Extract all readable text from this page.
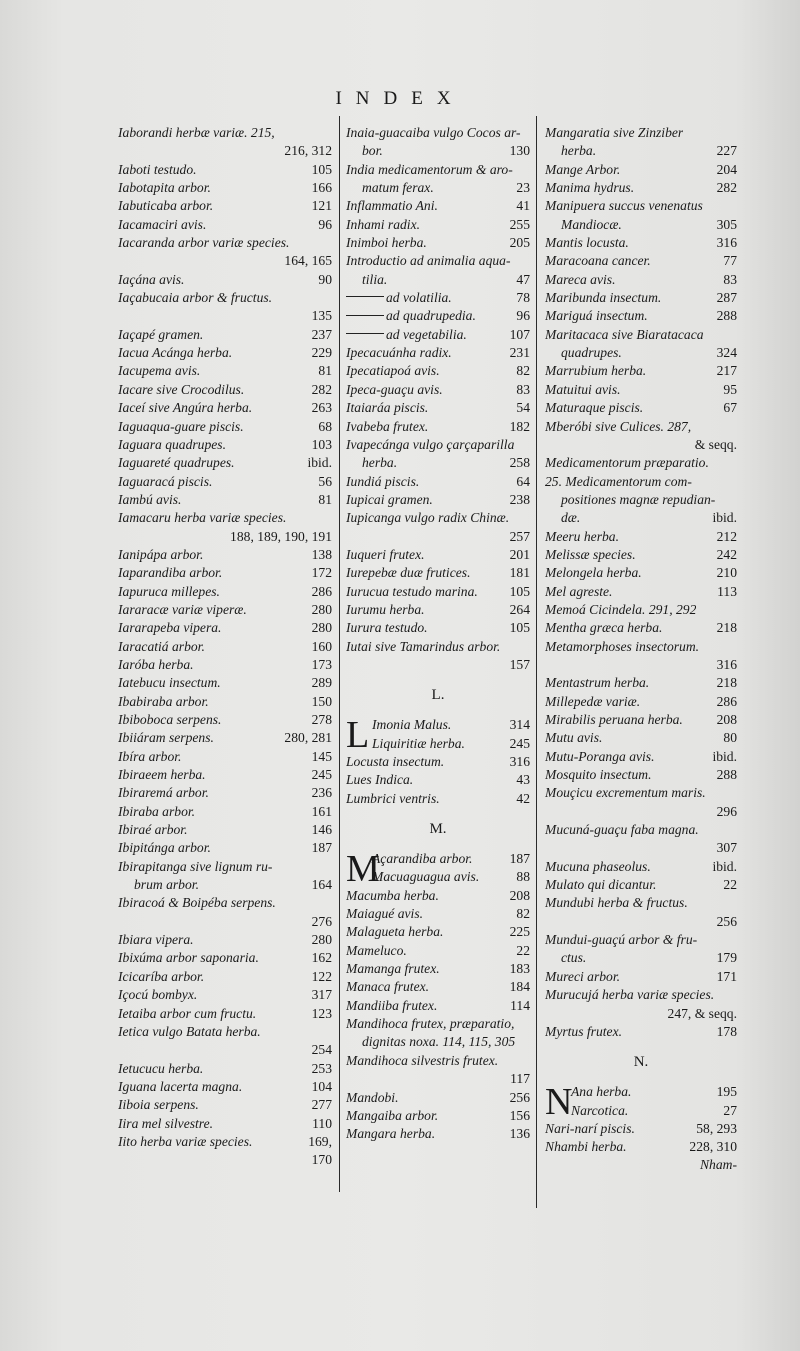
INDEX
Iaborandi herbæ variæ. 215,
216, 312
Iaboti testudo.	105
Iabotapita arbor.	166
Iabuticaba arbor.	121
Iacamaciri avis.	96
Iacaranda arbor variæ species.
164, 165
Iaçána avis.	90
Iaçabucaia arbor & fructus.
135
Iaçapé gramen.	237
Iacua Acánga herba.	229
Iacupema avis.	81
Iacare sive Crocodilus.	282
Iaceí sive Angúra herba.	263
Iaguaqua-guare piscis.	68
Iaguara quadrupes.	103
Iaguareté quadrupes.	ibid.
Iaguaracá piscis.	56
Iambú avis.	81
Iamacaru herba variæ species.
188, 189, 190, 191
Ianipápa arbor.	138
Iaparandiba arbor.	172
Iapuruca millepes.	286
Iararacæ variæ viperæ.	280
Iararapeba vipera.	280
Iaracatiá arbor.	160
Iaróba herba.	173
Iatebucu insectum.	289
Ibabiraba arbor.	150
Ibiboboca serpens.	278
Ibiiáram serpens.	280, 281
Ibíra arbor.	145
Ibiraeem herba.	245
Ibiraremá arbor.	236
Ibiraba arbor.	161
Ibiraé arbor.	146
Ibipitánga arbor.	187
Ibirapitanga sive lignum ru-
brum arbor.	164
Ibiracoá & Boipéba serpens.
276
Ibiara vipera.	280
Ibixúma arbor saponaria.	162
Icicaríba arbor.	122
Içocú bombyx.	317
Ietaiba arbor cum fructu.	123
Ietica vulgo Batata herba.
254
Ietucucu herba.	253
Iguana lacerta magna.	104
Iiboia serpens.	277
Iira mel silvestre.	110
Iito herba variæ species.	169,
170
Inaia-guacaiba vulgo Cocos ar-
bor.	130
India medicamentorum & aro-
matum ferax.	23
Inflammatio Ani.	41
Inhami radix.	255
Inimboi herba.	205
Introductio ad animalia aqua-
tilia.	47
ad volatilia.	78
ad quadrupedia.	96
ad vegetabilia.	107
Ipecacuánha radix.	231
Ipecatiapoá avis.	82
Ipeca-guaçu avis.	83
Itaiaráa piscis.	54
Ivabeba frutex.	182
Ivapecánga vulgo çarçaparilla
herba.	258
Iundiá piscis.	64
Iupicai gramen.	238
Iupicanga vulgo radix Chinæ.
257
Iuqueri frutex.	201
Iurepebæ duæ frutices.	181
Iurucua testudo marina. 105
Iurumu herba.	264
Iurura testudo.	105
Iutai sive Tamarindus arbor.
157
L.
L Imonia Malus.	314
Liquiritiæ herba.	245
Locusta insectum.	316
Lues Indica.	43
Lumbrici ventris.	42
M.
M
Açarandiba arbor.	187
Macuaguagua avis.	88
Macumba herba.	208
Maiagué avis.	82
Malagueta herba.	225
Mameluco.	22
Mamanga frutex.	183
Manaca frutex.	184
Mandiiba frutex.	114
Mandihoca frutex, præparatio,
dignitas noxa. 114, 115, 305
Mandihoca silvestris frutex.
117
Mandobi.	256
Mangaiba arbor.	156
Mangara herba.	136
Mangaratia sive Zinziber
herba.	227
Mange Arbor.	204
Manima hydrus.	282
Manipuera succus venenatus
Mandiocæ.	305
Mantis locusta.	316
Maracoana cancer.	77
Mareca avis.	83
Maribunda insectum.	287
Mariguá insectum.	288
Maritacaca sive Biaratacaca
quadrupes.	324
Marrubium herba.	217
Matuitui avis.	95
Maturaque piscis.	67
Mberóbi sive Culices. 287,
& seqq.
Medicamentorum præparatio.
25. Medicamentorum com-
positiones magnæ repudian-
dæ.	ibid.
Meeru herba.	212
Melissæ species.	242
Melongela herba.	210
Mel agreste.	113
Memoá Cicindela. 291, 292
Mentha græca herba.	218
Metamorphoses insectorum.
316
Mentastrum herba.	218
Millepedæ variæ.	286
Mirabilis peruana herba. 208
Mutu avis.	80
Mutu-Poranga avis.	ibid.
Mosquito insectum.	288
Mouçicu excrementum maris.
296
Mucuná-guaçu faba magna.
307
Mucuna phaseolus.	ibid.
Mulato qui dicantur.	22
Mundubi herba & fructus.
256
Mundui-guaçú arbor & fru-
ctus.	179
Mureci arbor.	171
Murucujá herba variæ species.
247, & seqq.
Myrtus frutex.	178
N.
N
Ana herba.	195
Narcotica.	27
Nari-narí piscis.	58, 293
Nhambi herba.	228, 310
Nham-
